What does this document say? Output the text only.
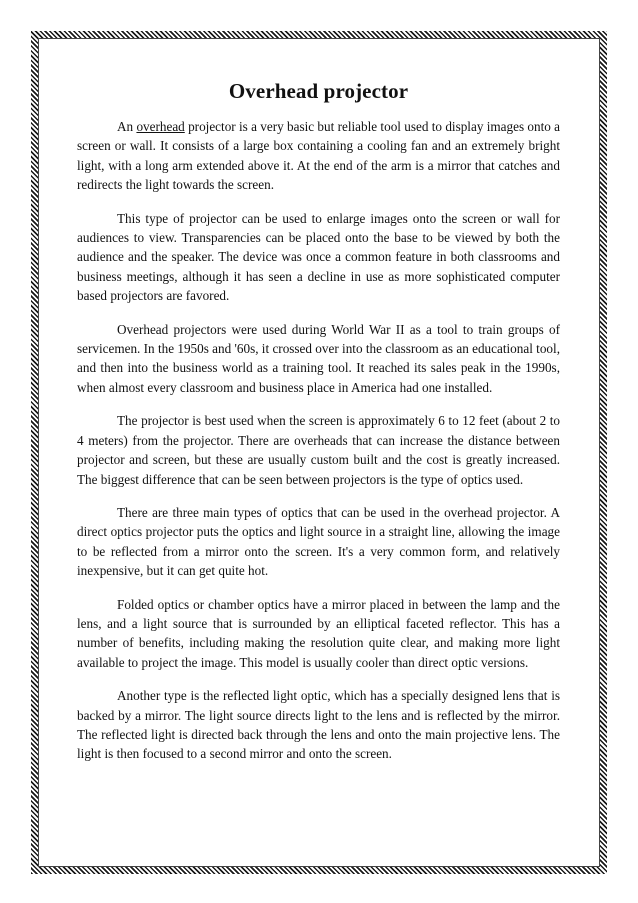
Overhead projector

An overhead projector is a very basic but reliable tool used to display images onto a screen or wall. It consists of a large box containing a cooling fan and an extremely bright light, with a long arm extended above it. At the end of the arm is a mirror that catches and redirects the light towards the screen.

This type of projector can be used to enlarge images onto the screen or wall for audiences to view. Transparencies can be placed onto the base to be viewed by both the audience and the speaker. The device was once a common feature in both classrooms and business meetings, although it has seen a decline in use as more sophisticated computer based projectors are favored.

Overhead projectors were used during World War II as a tool to train groups of servicemen. In the 1950s and '60s, it crossed over into the classroom as an educational tool, and then into the business world as a training tool. It reached its sales peak in the 1990s, when almost every classroom and business place in America had one installed.

The projector is best used when the screen is approximately 6 to 12 feet (about 2 to 4 meters) from the projector. There are overheads that can increase the distance between projector and screen, but these are usually custom built and the cost is greatly increased. The biggest difference that can be seen between projectors is the type of optics used.

There are three main types of optics that can be used in the overhead projector. A direct optics projector puts the optics and light source in a straight line, allowing the image to be reflected from a mirror onto the screen. It's a very common form, and relatively inexpensive, but it can get quite hot.

Folded optics or chamber optics have a mirror placed in between the lamp and the lens, and a light source that is surrounded by an elliptical faceted reflector. This has a number of benefits, including making the resolution quite clear, and making more light available to project the image. This model is usually cooler than direct optic versions.

Another type is the reflected light optic, which has a specially designed lens that is backed by a mirror. The light source directs light to the lens and is reflected by the mirror. The reflected light is directed back through the lens and onto the main projective lens. The light is then focused to a second mirror and onto the screen.
